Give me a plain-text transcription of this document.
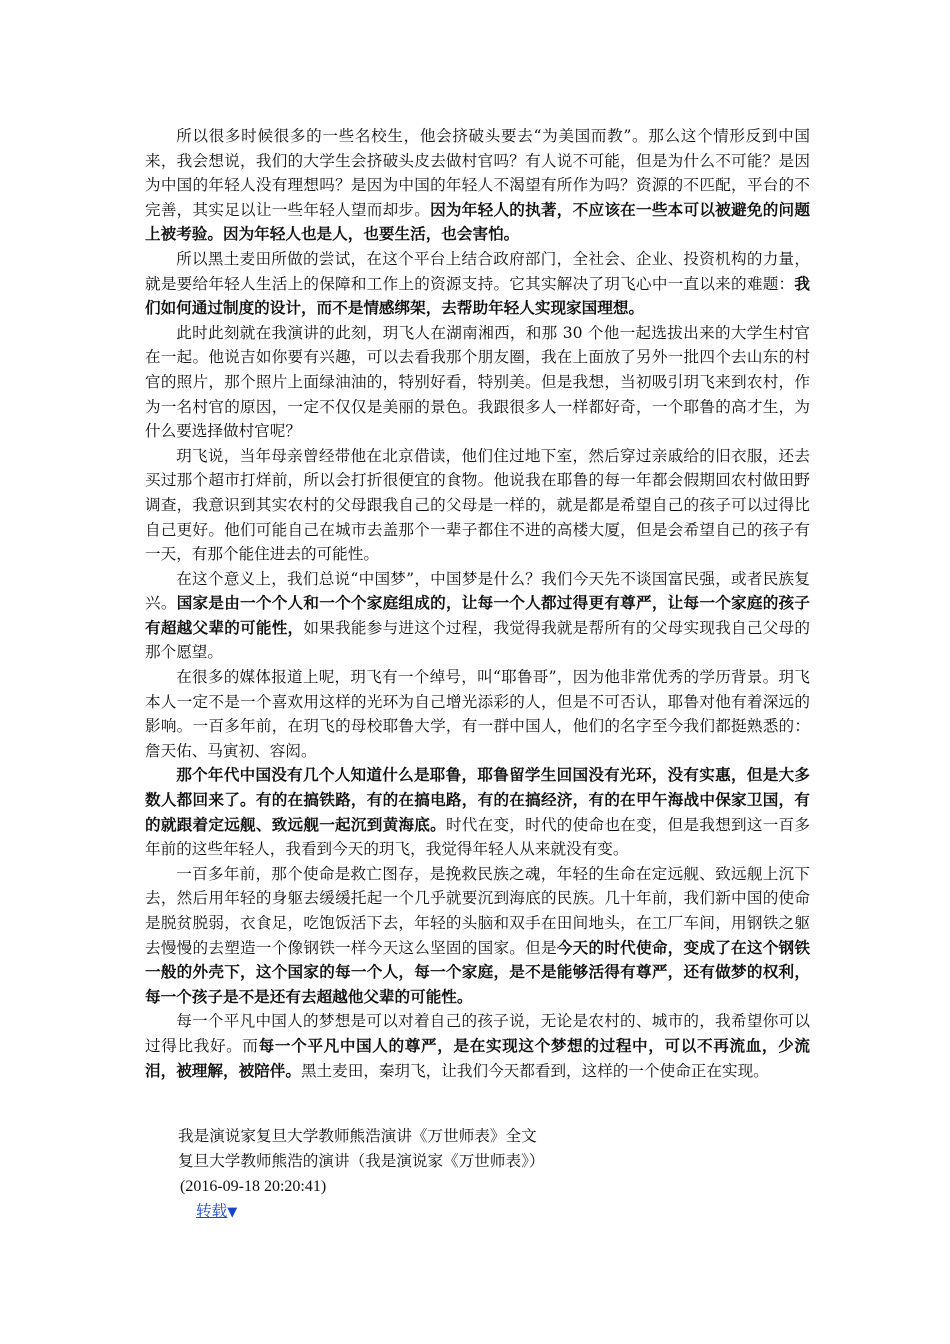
所以很多时候很多的一些名校生，他会挤破头要去“为美国而教”。那么这个情形反到中国来，我会想说，我们的大学生会挤破头皮去做村官吗？有人说不可能，但是为什么不可能？是因为中国的年轻人没有理想吗？是因为中国的年轻人不渴望有所作为吗？资源的不匹配，平台的不完善，其实足以让一些年轻人望而却步。因为年轻人的执著，不应该在一些本可以被避免的问题上被考验。因为年轻人也是人，也要生活，也会害怕。

所以黑土麦田所做的尝试，在这个平台上结合政府部门，全社会、企业、投资机构的力量，就是要给年轻人生活上的保障和工作上的资源支持。它其实解决了玥飞心中一直以来的难题：我们如何通过制度的设计，而不是情感绑架，去帮助年轻人实现家国理想。

此时此刻就在我演讲的此刻，玥飞人在湖南湘西，和那 30 个他一起选拔出来的大学生村官在一起。他说吉如你要有兴趣，可以去看我那个朋友圈，我在上面放了另外一批四个去山东的村官的照片，那个照片上面绿油油的，特别好看，特别美。但是我想，当初吸引玥飞来到农村，作为一名村官的原因，一定不仅仅是美丽的景色。我跟很多人一样都好奇，一个耶鲁的高才生，为什么要选择做村官呢？

玥飞说，当年母亲曾经带他在北京借读，他们住过地下室，然后穿过亲戚给的旧衣服，还去买过那个超市打烊前，所以会打折很便宜的食物。他说我在耶鲁的每一年都会假期回农村做田野调查，我意识到其实农村的父母跟我自己的父母是一样的，就是都是希望自己的孩子可以过得比自己更好。他们可能自己在城市去盖那个一辈子都住不进的高楼大厦，但是会希望自己的孩子有一天，有那个能住进去的可能性。

在这个意义上，我们总说“中国梦”，中国梦是什么？我们今天先不谈国富民强，或者民族复兴。国家是由一个个人和一个个家庭组成的，让每一个人都过得更有尊严，让每一个家庭的孩子有超越父辈的可能性，如果我能参与进这个过程，我觉得我就是帮所有的父母实现我自己父母的那个愿望。

在很多的媒体报道上呢，玥飞有一个绰号，叫“耶鲁哥”，因为他非常优秀的学历背景。玥飞本人一定不是一个喜欢用这样的光环为自己增光添彩的人，但是不可否认，耶鲁对他有着深远的影响。一百多年前，在玥飞的母校耶鲁大学，有一群中国人，他们的名字至今我们都挺熟悉的：詹天佑、马寅初、容闳。

那个年代中国没有几个人知道什么是耶鲁，耶鲁留学生回国没有光环，没有实惠，但是大多数人都回来了。有的在搞铁路，有的在搞电路，有的在搞经济，有的在甲午海战中保家卫国，有的就跟着定远舰、致远舰一起沉到黄海底。时代在变，时代的使命也在变，但是我想到这一百多年前的这些年轻人，我看到今天的玥飞，我觉得年轻人从来就没有变。

一百多年前，那个使命是救亡图存，是挽救民族之魂，年轻的生命在定远舰、致远舰上沉下去，然后用年轻的身躯去缓缓托起一个几乎就要沉到海底的民族。几十年前，我们新中国的使命是脱贫脱弱，衣食足，吃饱饭活下去，年轻的头脑和双手在田间地头，在工厂车间，用钢铁之躯去慢慢的去塑造一个像钢铁一样今天这么坚固的国家。但是今天的时代使命，变成了在这个钢铁一般的外壳下，这个国家的每一个人，每一个家庭，是不是能够活得有尊严，还有做梦的权利，每一个孩子是不是还有去超越他父辈的可能性。

每一个平凡中国人的梦想是可以对着自己的孩子说，无论是农村的、城市的，我希望你可以过得比我好。而每一个平凡中国人的尊严，是在实现这个梦想的过程中，可以不再流血，少流泪，被理解，被陪伴。黑土麦田，秦玥飞，让我们今天都看到，这样的一个使命正在实现。

我是演说家复旦大学教师熊浩演讲《万世师表》全文
复旦大学教师熊浩的演讲（我是演说家《万世师表》）
(2016-09-18 20:20:41)
转载▼
